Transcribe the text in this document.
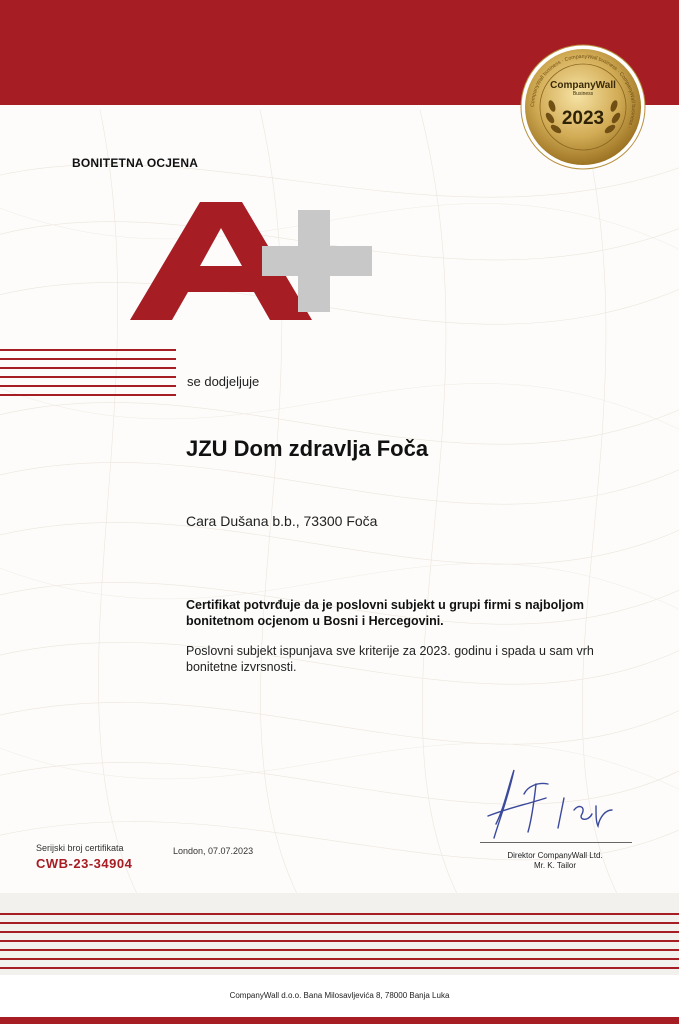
CompanyWall business · CompanyWall business · CompanyWall business ·
CompanyWall
Business
2023
BONITETNA OCJENA
se dodjeljuje
JZU Dom zdravlja Foča
Cara Dušana b.b., 73300 Foča
Certifikat potvrđuje da je poslovni subjekt u grupi firmi s najboljom bonitetnom ocjenom u Bosni i Hercegovini.
Poslovni subjekt ispunjava sve kriterije za 2023. godinu i spada u sam vrh bonitetne izvrsnosti.
Direktor CompanyWall Ltd.
Mr. K. Tailor
Serijski broj certifikata
CWB-23-34904
London, 07.07.2023
CompanyWall d.o.o. Bana Milosavljevića 8, 78000 Banja Luka
